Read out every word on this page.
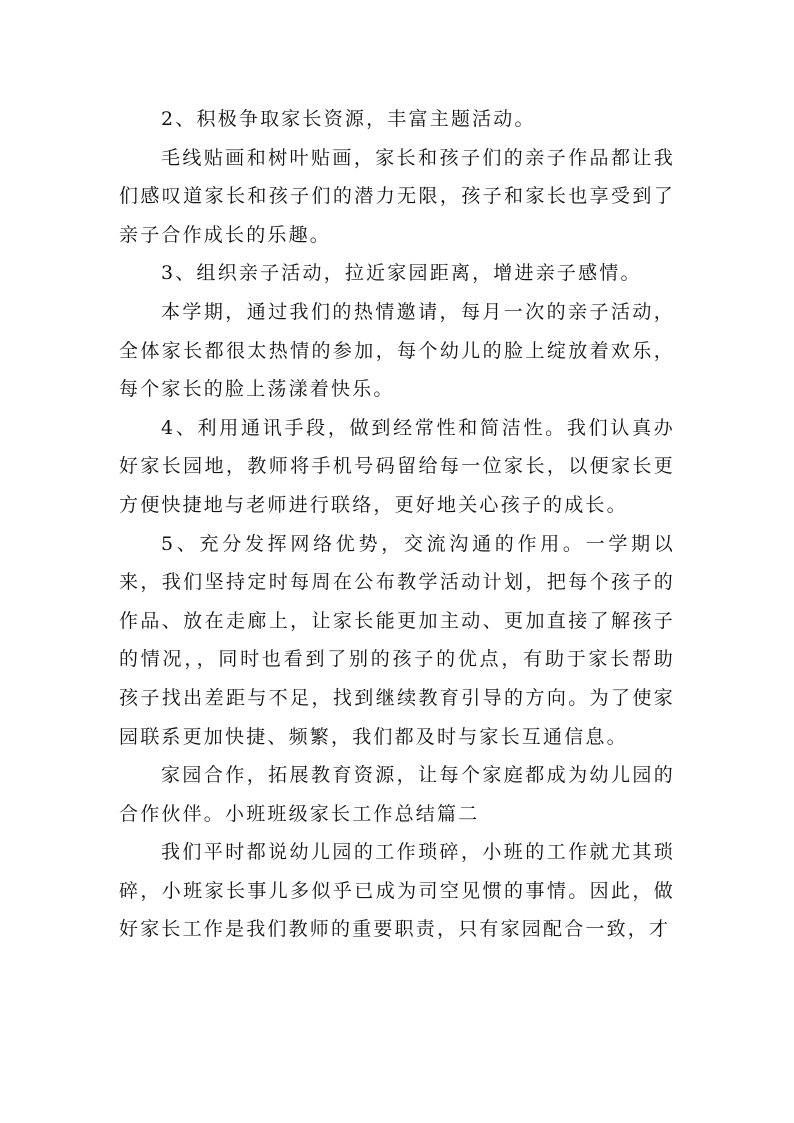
2、积极争取家长资源，丰富主题活动。

毛线贴画和树叶贴画，家长和孩子们的亲子作品都让我们感叹道家长和孩子们的潜力无限，孩子和家长也享受到了亲子合作成长的乐趣。

3、组织亲子活动，拉近家园距离，增进亲子感情。

本学期，通过我们的热情邀请，每月一次的亲子活动，全体家长都很太热情的参加，每个幼儿的脸上绽放着欢乐，每个家长的脸上荡漾着快乐。

4、利用通讯手段，做到经常性和简洁性。我们认真办好家长园地，教师将手机号码留给每一位家长，以便家长更方便快捷地与老师进行联络，更好地关心孩子的成长。

5、充分发挥网络优势，交流沟通的作用。一学期以来，我们坚持定时每周在公布教学活动计划，把每个孩子的作品、放在走廊上，让家长能更加主动、更加直接了解孩子的情况，，同时也看到了别的孩子的优点，有助于家长帮助孩子找出差距与不足，找到继续教育引导的方向。为了使家园联系更加快捷、频繁，我们都及时与家长互通信息。

家园合作，拓展教育资源，让每个家庭都成为幼儿园的合作伙伴。小班班级家长工作总结篇二

我们平时都说幼儿园的工作琐碎，小班的工作就尤其琐碎，小班家长事儿多似乎已成为司空见惯的事情。因此，做好家长工作是我们教师的重要职责，只有家园配合一致，才
